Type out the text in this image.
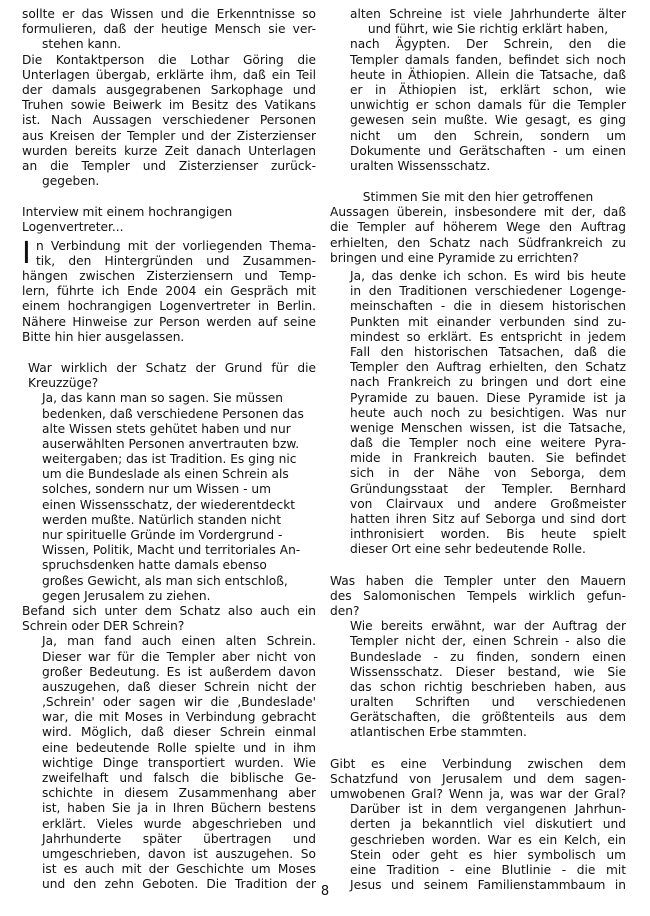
sollte er das Wissen und die Erkenntnisse so
formulieren, daß der heutige Mensch sie ver-
stehen kann.
Die Kontaktperson die Lothar Göring die
Unterlagen übergab, erklärte ihm, daß ein Teil
der damals ausgegrabenen Sarkophage und
Truhen sowie Beiwerk im Besitz des Vatikans
ist. Nach Aussagen verschiedener Personen
aus Kreisen der Templer und der Zisterzienser
wurden bereits kurze Zeit danach Unterlagen
an die Templer und Zisterzienser zurück-
gegeben.
Interview mit einem hochrangigen
Logenvertreter...
I n Verbindung mit der vorliegenden Thema-
tik, den Hintergründen und Zusammen-
hängen zwischen Zisterziensern und Temp-
lern, führte ich Ende 2004 ein Gespräch mit
einem hochrangigen Logenvertreter in Berlin.
Nähere Hinweise zur Person werden auf seine
Bitte hin hier ausgelassen.
War wirklich der Schatz der Grund für die
Kreuzzüge?
Ja, das kann man so sagen. Sie müssen
bedenken, daß verschiedene Personen das
alte Wissen stets gehütet haben und nur
auserwählten Personen anvertrauten bzw.
weitergaben; das ist Tradition. Es ging nic
um die Bundeslade als einen Schrein als
solches, sondern nur um Wissen - um
einen Wissensschatz, der wiederentdeckt
werden mußte. Natürlich standen nicht
nur spirituelle Gründe im Vordergrund -
Wissen, Politik, Macht und territoriales An-
spruchsdenken hatte damals ebenso
großes Gewicht, als man sich entschloß,
gegen Jerusalem zu ziehen.
Befand sich unter dem Schatz also auch ein
Schrein oder DER Schrein?
Ja, man fand auch einen alten Schrein.
Dieser war für die Templer aber nicht von
großer Bedeutung. Es ist außerdem davon
auszugehen, daß dieser Schrein nicht der
‚Schrein' oder sagen wir die ‚Bundeslade'
war, die mit Moses in Verbindung gebracht
wird. Möglich, daß dieser Schrein einmal
eine bedeutende Rolle spielte und in ihm
wichtige Dinge transportiert wurden. Wie
zweifelhaft und falsch die biblische Ge-
schichte in diesem Zusammenhang aber
ist, haben Sie ja in Ihren Büchern bestens
erklärt. Vieles wurde abgeschrieben und
Jahrhunderte später übertragen und
umgeschrieben, davon ist auszugehen. So
ist es auch mit der Geschichte um Moses
und den zehn Geboten. Die Tradition der
alten Schreine ist viele Jahrhunderte älter
und führt, wie Sie richtig erklärt haben,
nach Ägypten. Der Schrein, den die
Templer damals fanden, befindet sich noch
heute in Äthiopien. Allein die Tatsache, daß
er in Äthiopien ist, erklärt schon, wie
unwichtig er schon damals für die Templer
gewesen sein mußte. Wie gesagt, es ging
nicht um den Schrein, sondern um
Dokumente und Gerätschaften - um einen
uralten Wissensschatz.
Stimmen Sie mit den hier getroffenen
Aussagen überein, insbesondere mit der, daß
die Templer auf höherem Wege den Auftrag
erhielten, den Schatz nach Südfrankreich zu
bringen und eine Pyramide zu errichten?
Ja, das denke ich schon. Es wird bis heute
in den Traditionen verschiedener Logenge-
meinschaften - die in diesem historischen
Punkten mit einander verbunden sind zu-
mindest so erklärt. Es entspricht in jedem
Fall den historischen Tatsachen, daß die
Templer den Auftrag erhielten, den Schatz
nach Frankreich zu bringen und dort eine
Pyramide zu bauen. Diese Pyramide ist ja
heute auch noch zu besichtigen. Was nur
wenige Menschen wissen, ist die Tatsache,
daß die Templer noch eine weitere Pyra-
mide in Frankreich bauten. Sie befindet
sich in der Nähe von Seborga, dem
Gründungsstaat der Templer. Bernhard
von Clairvaux und andere Großmeister
hatten ihren Sitz auf Seborga und sind dort
inthronisiert worden. Bis heute spielt
dieser Ort eine sehr bedeutende Rolle.
Was haben die Templer unter den Mauern
des Salomonischen Tempels wirklich gefun-
den?
Wie bereits erwähnt, war der Auftrag der
Templer nicht der, einen Schrein - also die
Bundeslade - zu finden, sondern einen
Wissensschatz. Dieser bestand, wie Sie
das schon richtig beschrieben haben, aus
uralten Schriften und verschiedenen
Gerätschaften, die größtenteils aus dem
atlantischen Erbe stammten.
Gibt es eine Verbindung zwischen dem
Schatzfund von Jerusalem und dem sagen-
umwobenen Gral? Wenn ja, was war der Gral?
Darüber ist in dem vergangenen Jahrhun-
derten ja bekanntlich viel diskutiert und
geschrieben worden. War es ein Kelch, ein
Stein oder geht es hier symbolisch um
eine Tradition - eine Blutlinie - die mit
Jesus und seinem Familienstammbaum in
8
